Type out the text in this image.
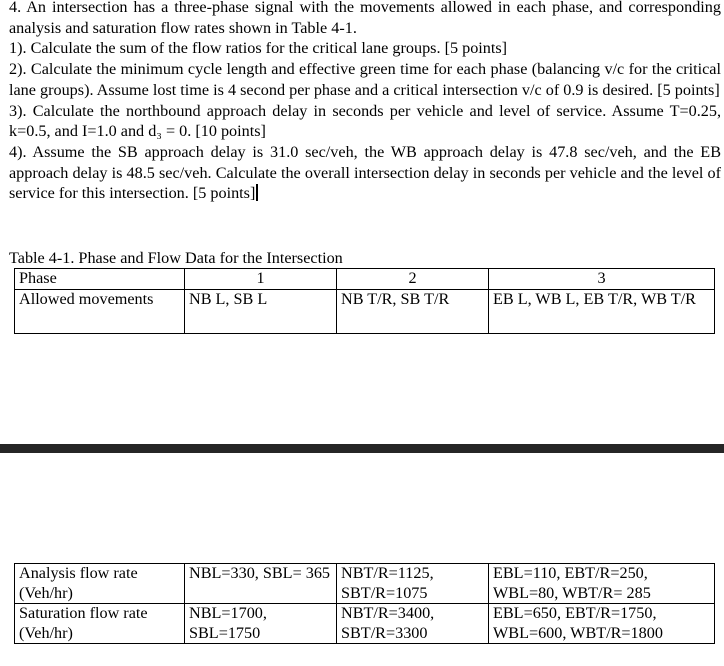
4. An intersection has a three-phase signal with the movements allowed in each phase, and corresponding analysis and saturation flow rates shown in Table 4-1.

1). Calculate the sum of the flow ratios for the critical lane groups. [5 points]

2). Calculate the minimum cycle length and effective green time for each phase (balancing v/c for the critical lane groups). Assume lost time is 4 second per phase and a critical intersection v/c of 0.9 is desired. [5 points]

3). Calculate the northbound approach delay in seconds per vehicle and level of service. Assume T=0.25, k=0.5, and I=1.0 and d₃ = 0. [10 points]

4). Assume the SB approach delay is 31.0 sec/veh, the WB approach delay is 47.8 sec/veh, and the EB approach delay is 48.5 sec/veh. Calculate the overall intersection delay in seconds per vehicle and the level of service for this intersection. [5 points]

Table 4-1. Phase and Flow Data for the Intersection
Phase	1	2	3
Allowed movements	NB L, SB L	NB T/R, SB T/R	EB L, WB L, EB T/R, WB T/R
Analysis flow rate (Veh/hr)	NBL=330, SBL= 365	NBT/R=1125, SBT/R=1075	EBL=110, EBT/R=250, WBL=80, WBT/R= 285
Saturation flow rate (Veh/hr)	NBL=1700, SBL=1750	NBT/R=3400, SBT/R=3300	EBL=650, EBT/R=1750, WBL=600, WBT/R=1800
